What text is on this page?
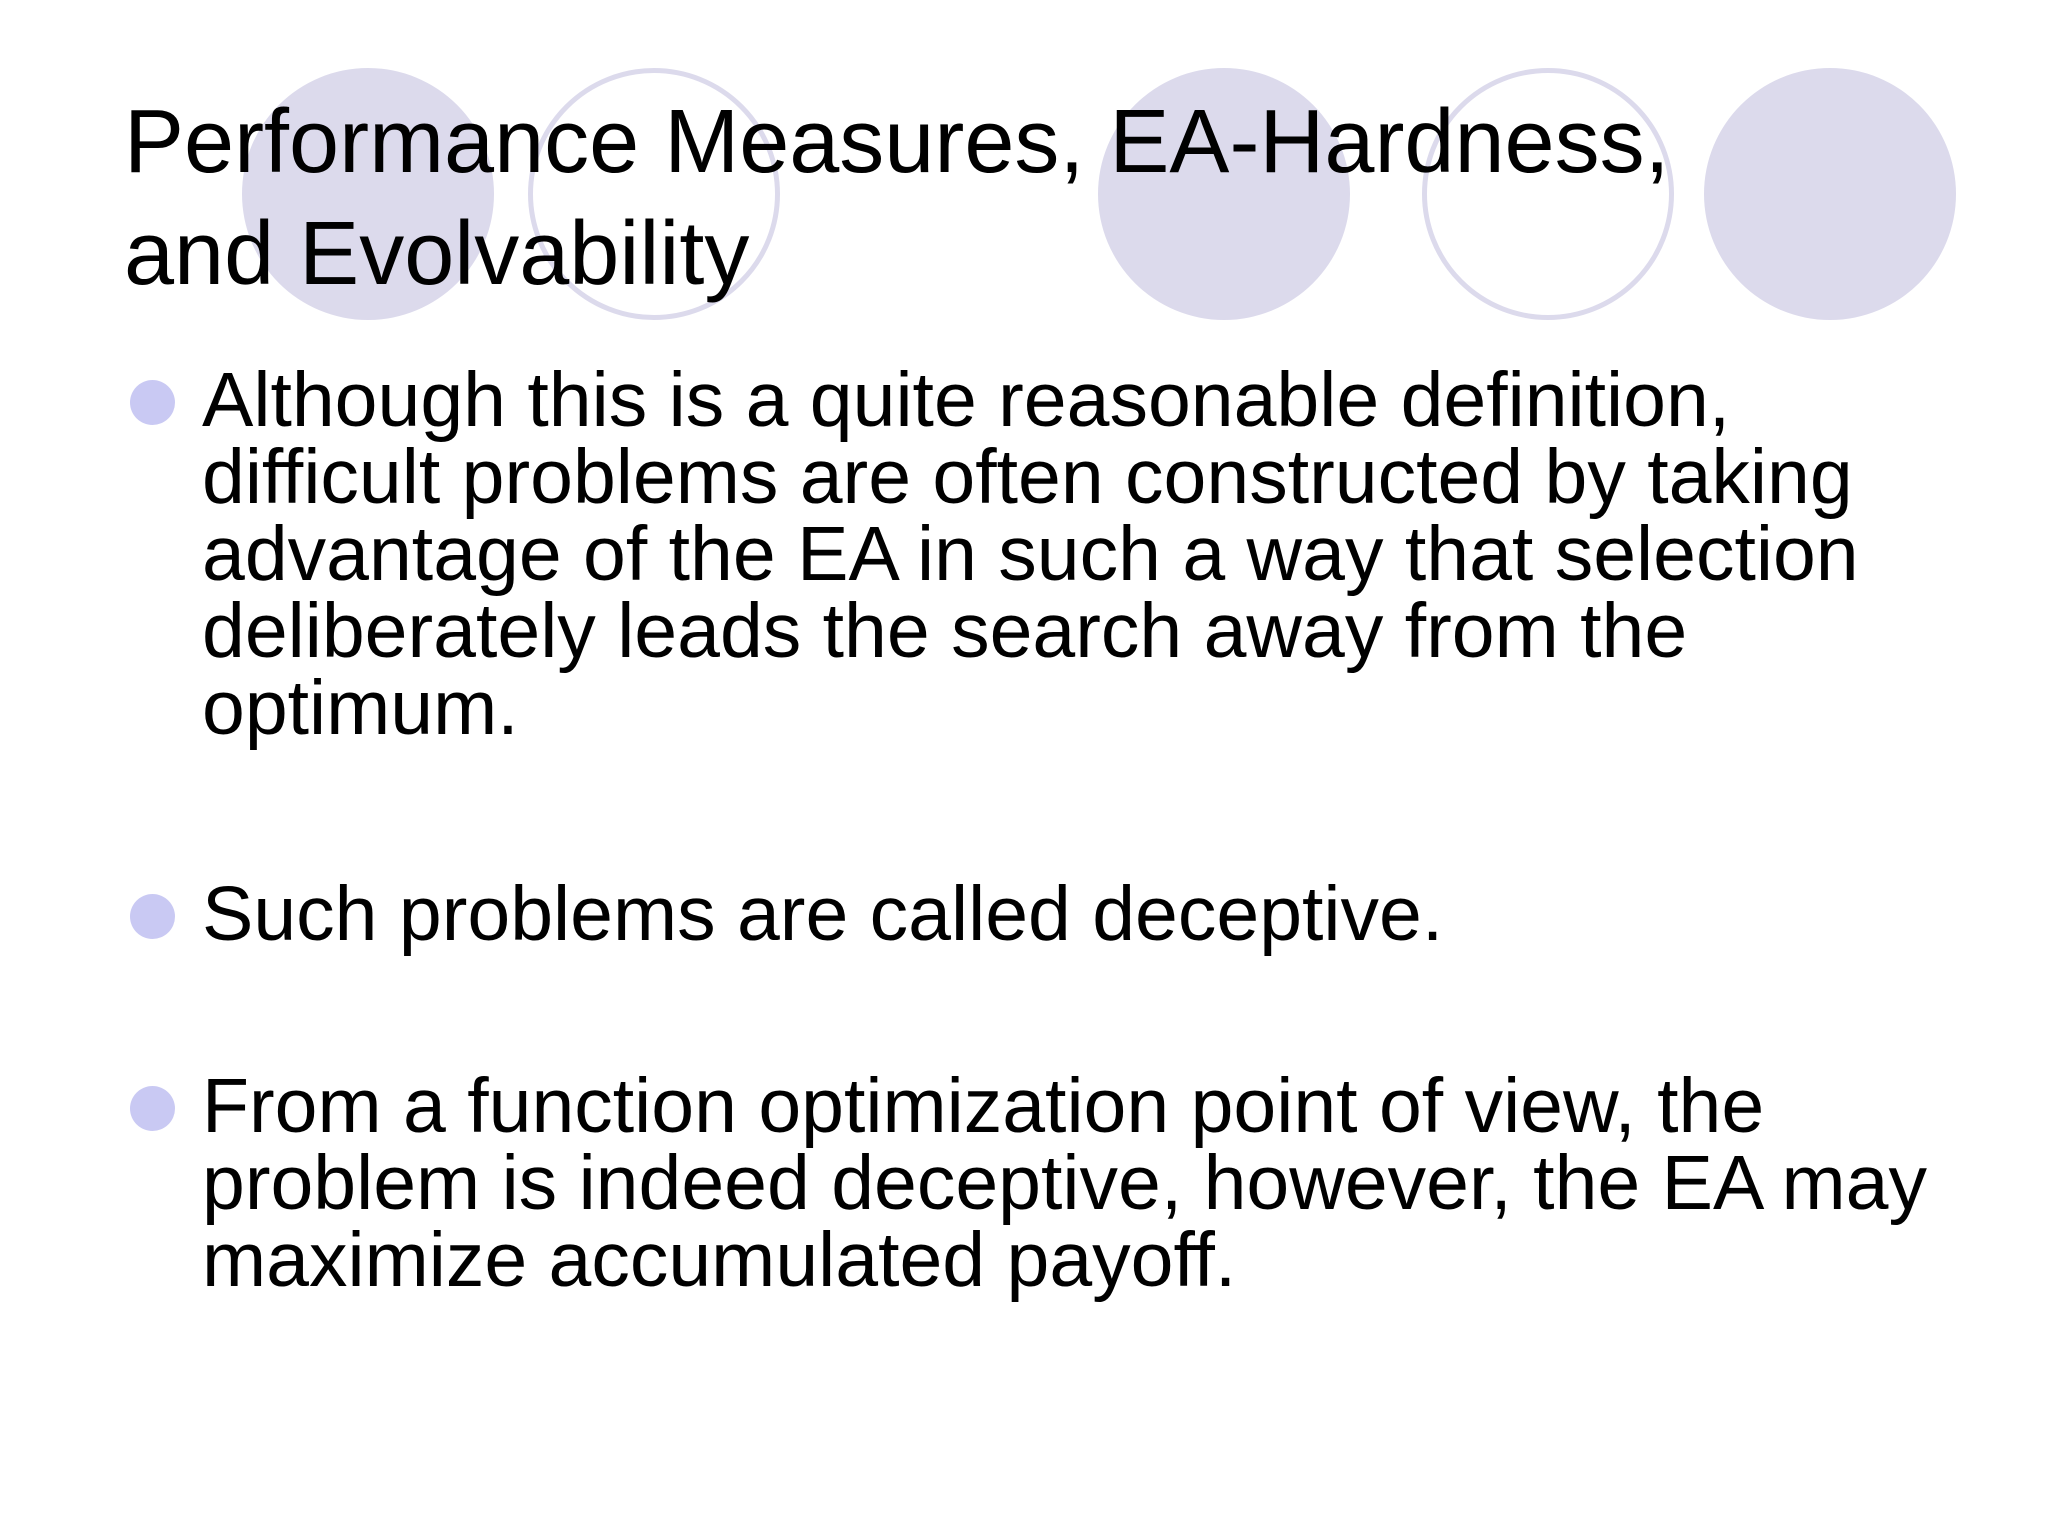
Performance Measures, EA-Hardness,
and Evolvability
Although this is a quite reasonable definition, difficult problems are often constructed by taking advantage of the EA in such a way that selection deliberately leads the search away from the optimum.
Such problems are called deceptive.
From a function optimization point of view, the problem is indeed deceptive, however, the EA may maximize accumulated payoff.
